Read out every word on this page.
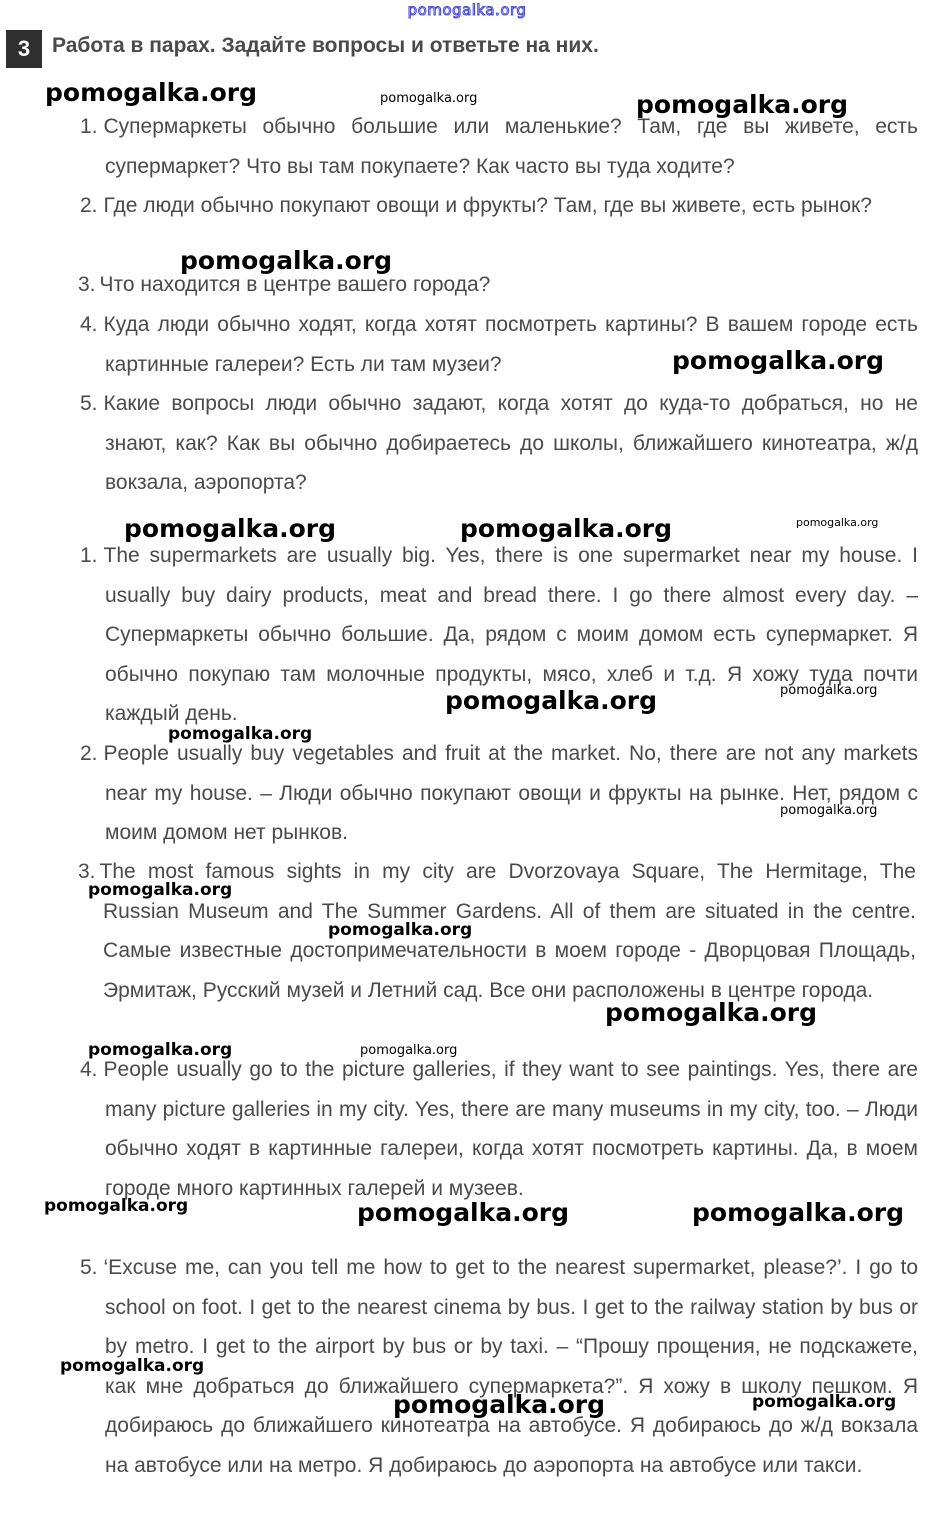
pomogalka.org
3	Работа в парах. Задайте вопросы и ответьте на них.
1. Супермаркеты обычно большие или маленькие? Там, где вы живете, есть супермаркет? Что вы там покупаете? Как часто вы туда ходите?
2. Где люди обычно покупают овощи и фрукты? Там, где вы живете, есть рынок?
3. Что находится в центре вашего города?
4. Куда люди обычно ходят, когда хотят посмотреть картины? В вашем городе есть картинные галереи? Есть ли там музеи?
5. Какие вопросы люди обычно задают, когда хотят до куда-то добраться, но не знают, как? Как вы обычно добираетесь до школы, ближайшего кинотеатра, ж/д вокзала, аэропорта?
1. The supermarkets are usually big. Yes, there is one supermarket near my house. I usually buy dairy products, meat and bread there. I go there almost every day. – Супермаркеты обычно большие. Да, рядом с моим домом есть супермаркет. Я обычно покупаю там молочные продукты, мясо, хлеб и т.д. Я хожу туда почти каждый день.
2. People usually buy vegetables and fruit at the market. No, there are not any markets near my house. – Люди обычно покупают овощи и фрукты на рынке. Нет, рядом с моим домом нет рынков.
3. The most famous sights in my city are Dvorzovaya Square, The Hermitage, The Russian Museum and The Summer Gardens. All of them are situated in the centre. Самые известные достопримечательности в моем городе - Дворцовая Площадь, Эрмитаж, Русский музей и Летний сад. Все они расположены в центре города.
4. People usually go to the picture galleries, if they want to see paintings. Yes, there are many picture galleries in my city. Yes, there are many museums in my city, too. – Люди обычно ходят в картинные галереи, когда хотят посмотреть картины. Да, в моем городе много картинных галерей и музеев.
5. ‘Excuse me, can you tell me how to get to the nearest supermarket, please?’. I go to school on foot. I get to the nearest cinema by bus. I get to the railway station by bus or by metro. I get to the airport by bus or by taxi. – “Прошу прощения, не подскажете, как мне добраться до ближайшего супермаркета?”. Я хожу в школу пешком. Я добираюсь до ближайшего кинотеатра на автобусе. Я добираюсь до ж/д вокзала на автобусе или на метро. Я добираюсь до аэропорта на автобусе или такси.
pomogalka.org	pomogalka.org	pomogalka.org
pomogalka.org
pomogalka.org
pomogalka.org	pomogalka.org	pomogalka.org
pomogalka.org	pomogalka.org
pomogalka.org
pomogalka.org
pomogalka.org
pomogalka.org
pomogalka.org
pomogalka.org	pomogalka.org
pomogalka.org	pomogalka.org	pomogalka.org
pomogalka.org
pomogalka.org	pomogalka.org
